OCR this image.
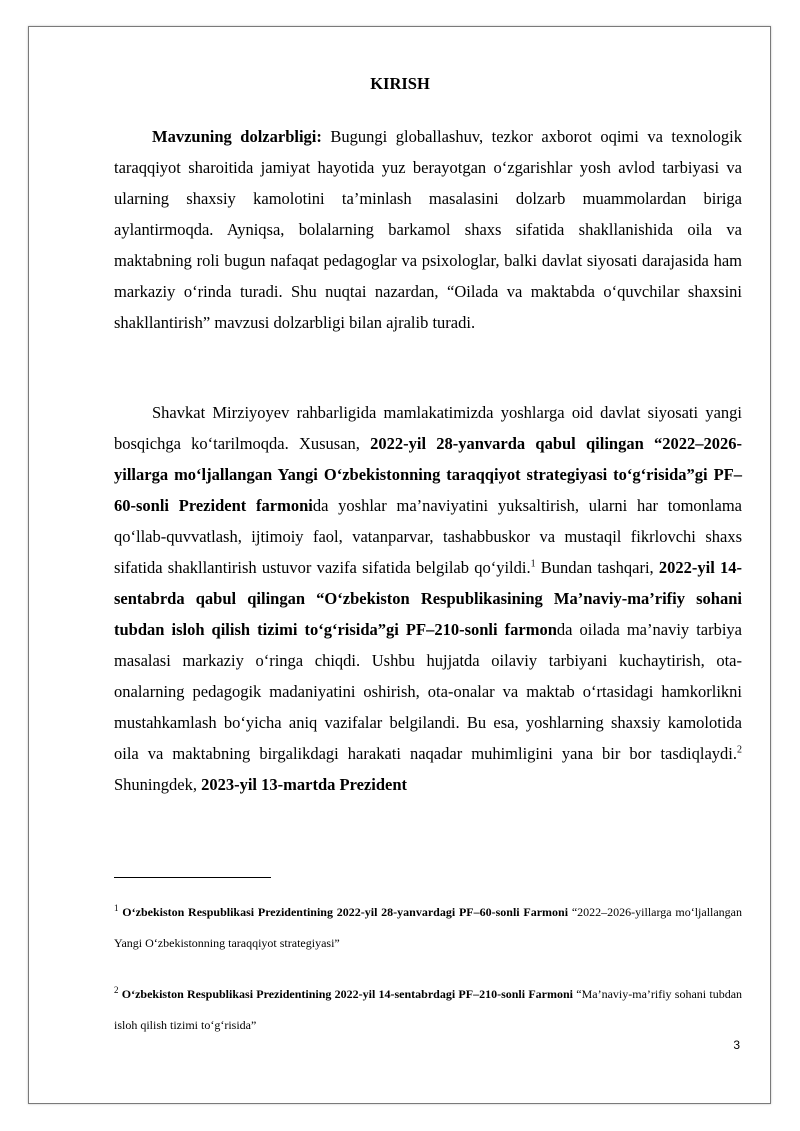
KIRISH

Mavzuning dolzarbligi: Bugungi globallashuv, tezkor axborot oqimi va texnologik taraqqiyot sharoitida jamiyat hayotida yuz berayotgan o‘zgarishlar yosh avlod tarbiyasi va ularning shaxsiy kamolotini ta’minlash masalasini dolzarb muammolardan biriga aylantirmoqda. Ayniqsa, bolalarning barkamol shaxs sifatida shakllanishida oila va maktabning roli bugun nafaqat pedagoglar va psixologlar, balki davlat siyosati darajasida ham markaziy o‘rinda turadi. Shu nuqtai nazardan, “Oilada va maktabda o‘quvchilar shaxsini shakllantirish” mavzusi dolzarbligi bilan ajralib turadi.

Shavkat Mirziyoyev rahbarligida mamlakatimizda yoshlarga oid davlat siyosati yangi bosqichga ko‘tarilmoqda. Xususan, 2022-yil 28-yanvarda qabul qilingan “2022–2026-yillarga mo‘ljallangan Yangi O‘zbekistonning taraqqiyot strategiyasi to‘g‘risida”gi PF–60-sonli Prezident farmonida yoshlar ma’naviyatini yuksaltirish, ularni har tomonlama qo‘llab-quvvatlash, ijtimoiy faol, vatanparvar, tashabbuskor va mustaqil fikrlovchi shaxs sifatida shakllantirish ustuvor vazifa sifatida belgilab qo‘yildi.$^1$ Bundan tashqari, 2022-yil 14-sentabrda qabul qilingan “O‘zbekiston Respublikasining Ma’naviy-ma’rifiy sohani tubdan isloh qilish tizimi to‘g‘risida”gi PF–210-sonli farmonda oilada ma’naviy tarbiya masalasi markaziy o‘ringa chiqdi. Ushbu hujjatda oilaviy tarbiyani kuchaytirish, ota-onalarning pedagogik madaniyatini oshirish, ota-onalar va maktab o‘rtasidagi hamkorlikni mustahkamlash bo‘yicha aniq vazifalar belgilandi. Bu esa, yoshlarning shaxsiy kamolotida oila va maktabning birgalikdagi harakati naqadar muhimligini yana bir bor tasdiqlaydi.$^2$ Shuningdek, 2023-yil 13-martda Prezident

$^1$ O‘zbekiston Respublikasi Prezidentining 2022-yil 28-yanvardagi PF–60-sonli Farmoni “2022–2026-yillarga mo‘ljallangan Yangi O‘zbekistonning taraqqiyot strategiyasi”

$^2$ O‘zbekiston Respublikasi Prezidentining 2022-yil 14-sentabrdagi PF–210-sonli Farmoni “Ma’naviy-ma’rifiy sohani tubdan isloh qilish tizimi to‘g‘risida”

3
